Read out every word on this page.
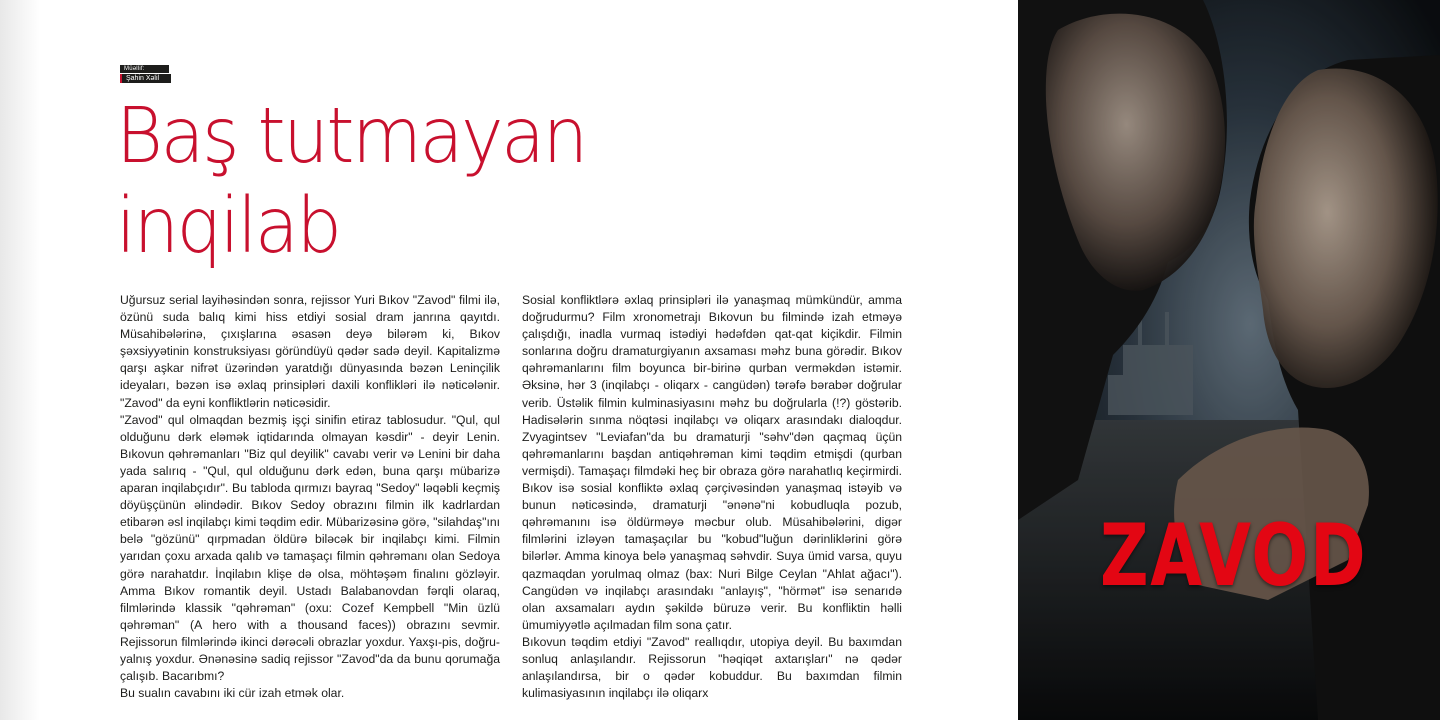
Müəllif:
Şahin Xəlil
Baş tutmayan
inqilab

Uğursuz serial layihəsindən sonra, rejissor Yuri Bıkov "Zavod" filmi ilə, özünü suda balıq kimi hiss etdiyi sosial dram janrına qayıtdı. Müsahibələrinə, çıxışlarına əsasən deyə bilərəm ki, Bıkov şəxsiyyətinin konstruksiyası göründüyü qədər sadə deyil. Kapitalizmə qarşı aşkar nifrət üzərindən yaratdığı dünyasında bəzən Leninçilik ideyaları, bəzən isə əxlaq prinsipləri daxili konflikləri ilə nəticələnir. "Zavod" da eyni konfliktlərin nəticəsidir.

"Zavod" qul olmaqdan bezmiş işçi sinifin etiraz tablosudur. "Qul, qul olduğunu dərk eləmək iqtidarında olmayan kəsdir" - deyir Lenin. Bıkovun qəhrəmanları "Biz qul deyilik" cavabı verir və Lenini bir daha yada salırıq - "Qul, qul olduğunu dərk edən, buna qarşı mübarizə aparan inqilabçıdır". Bu tabloda qırmızı bayraq "Sedoy" ləqəbli keçmiş döyüşçünün əlindədir. Bıkov Sedoy obrazını filmin ilk kadrlardan etibarən əsl inqilabçı kimi təqdim edir. Mübarizəsinə görə, "silahdaş"ını belə "gözünü" qırpmadan öldürə biləcək bir inqilabçı kimi. Filmin yarıdan çoxu arxada qalıb və tamaşaçı filmin qəhrəmanı olan Sedoya görə narahatdır. İnqilabın klişe də olsa, möhtəşəm finalını gözləyir. Amma Bıkov romantik deyil. Ustadı Balabanovdan fərqli olaraq, filmlərində klassik "qəhrəman" (oxu: Cozef Kempbell "Min üzlü qəhrəman" (A hero with a thousand faces)) obrazını sevmir. Rejissorun filmlərində ikinci dərəcəli obrazlar yoxdur. Yaxşı-pis, doğru-yalnış yoxdur. Ənənəsinə sadiq rejissor "Zavod"da da bunu qorumağa çalışıb. Bacarıbmı?

Bu sualın cavabını iki cür izah etmək olar.

Sosial konfliktlərə əxlaq prinsipləri ilə yanaşmaq mümkündür, amma doğrudurmu? Film xronometrajı Bıkovun bu filmində izah etməyə çalışdığı, inadla vurmaq istədiyi hədəfdən qat-qat kiçikdir. Filmin sonlarına doğru dramaturgiyanın axsaması məhz buna görədir. Bıkov qəhrəmanlarını film boyunca bir-birinə qurban verməkdən istəmir. Əksinə, hər 3 (inqilabçı - oliqarx - cangüdən) tərəfə bərabər doğrular verib. Üstəlik filmin kulminasiyasını məhz bu doğrularla (!?) göstərib. Hadisələrin sınma nöqtəsi inqilabçı və oliqarx arasındakı dialoqdur. Zvyagintsev "Leviafan"da bu dramaturji "səhv"dən qaçmaq üçün qəhrəmanlarını başdan antiqəhrəman kimi təqdim etmişdi (qurban vermişdi). Tamaşaçı filmdəki heç bir obraza görə narahatlıq keçirmirdi. Bıkov isə sosial konfliktə əxlaq çərçivəsindən yanaşmaq istəyib və bunun nəticəsində, dramaturji "ənənə"ni kobudluqla pozub, qəhrəmanını isə öldürməyə məcbur olub. Müsahibələrini, digər filmlərini izləyən tamaşaçılar bu "kobud"luğun dərinliklərini görə bilərlər. Amma kinoya belə yanaşmaq səhvdir. Suya ümid varsa, quyu qazmaqdan yorulmaq olmaz (bax: Nuri Bilge Ceylan "Ahlat ağacı"). Cangüdən və inqilabçı arasındakı "anlayış", "hörmət" isə senarıdə olan axsamaları aydın şəkildə büruzə verir. Bu konfliktin həlli ümumiyyətlə açılmadan film sona çatır.

Bıkovun təqdim etdiyi "Zavod" reallıqdır, utopiya deyil. Bu baxımdan sonluq anlaşılandır. Rejissorun "həqiqət axtarışları" nə qədər anlaşılandırsa, bir o qədər kobuddur. Bu baxımdan filmin kulimasiyasının inqilabçı ilə oliqarx

ZAVOD
